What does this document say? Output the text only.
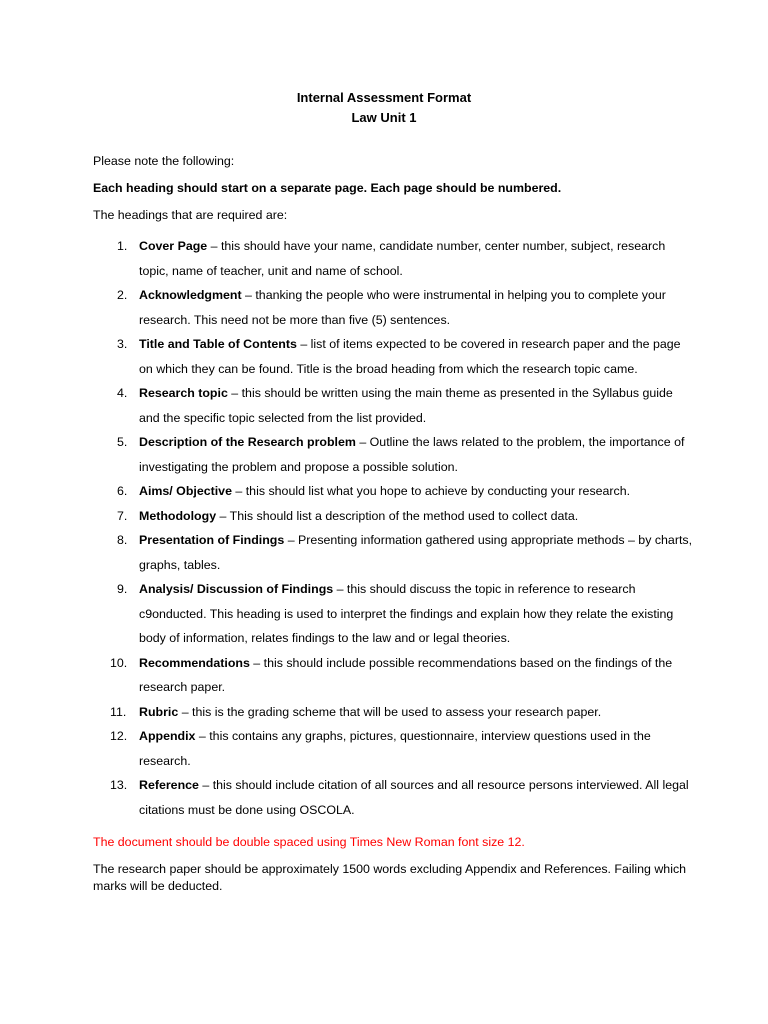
Internal Assessment Format
Law Unit 1

Please note the following:

Each heading should start on a separate page. Each page should be numbered.

The headings that are required are:

1. Cover Page – this should have your name, candidate number, center number, subject, research topic, name of teacher, unit and name of school.
2. Acknowledgment – thanking the people who were instrumental in helping you to complete your research. This need not be more than five (5) sentences.
3. Title and Table of Contents – list of items expected to be covered in research paper and the page on which they can be found. Title is the broad heading from which the research topic came.
4. Research topic – this should be written using the main theme as presented in the Syllabus guide and the specific topic selected from the list provided.
5. Description of the Research problem – Outline the laws related to the problem, the importance of investigating the problem and propose a possible solution.
6. Aims/ Objective – this should list what you hope to achieve by conducting your research.
7. Methodology – This should list a description of the method used to collect data.
8. Presentation of Findings – Presenting information gathered using appropriate methods – by charts, graphs, tables.
9. Analysis/ Discussion of Findings – this should discuss the topic in reference to research c9onducted. This heading is used to interpret the findings and explain how they relate the existing body of information, relates findings to the law and or legal theories.
10. Recommendations – this should include possible recommendations based on the findings of the research paper.
11.	Rubric – this is the grading scheme that will be used to assess your research paper.
12. Appendix – this contains any graphs, pictures, questionnaire, interview questions used in the research.
13. Reference – this should include citation of all sources and all resource persons interviewed. All legal citations must be done using OSCOLA.

The document should be double spaced using Times New Roman font size 12.

The research paper should be approximately 1500 words excluding Appendix and References. Failing which marks will be deducted.
